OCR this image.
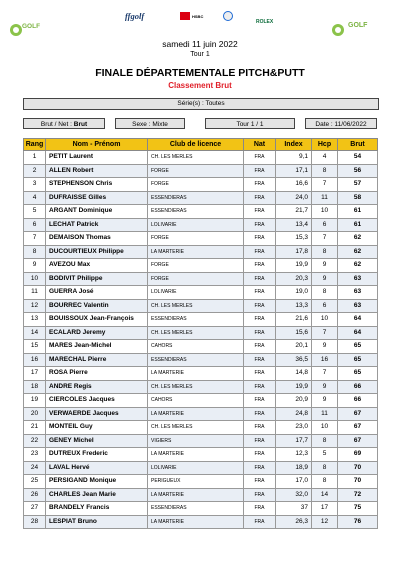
GOLF
ffgolf	HSBC
ROLEX	GOLF
samedi 11 juin 2022
Tour 1
FINALE DÉPARTEMENTALE PITCH&PUTT
Classement Brut
Série(s) : Toutes
Brut / Net : Brut	Sexe : Mixte	Tour 1 / 1	Date : 11/06/2022
Rang	Nom - Prénom	Club de licence	Nat	Index	Hcp	Brut
1	PETIT Laurent	CH. LES MERLES	FRA	9,1	4	54
2	ALLEN Robert	FORGE	FRA	17,1	8	56
3	STEPHENSON Chris	FORGE	FRA	16,6	7	57
4	DUFRAISSE Gilles	ESSENDIERAS	FRA	24,0	11	58
5	ARGANT Dominique	ESSENDIERAS	FRA	21,7	10	61
6	LECHAT Patrick	LOLIVARIE	FRA	13,4	6	61
7	DEMAISON Thomas	FORGE	FRA	15,3	7	62
8	DUCOURTIEUX Philippe	LA MARTERIE	FRA	17,8	8	62
9	AVEZOU Max	FORGE	FRA	19,9	9	62
10	BODIVIT Philippe	FORGE	FRA	20,3	9	63
11	GUERRA José	LOLIVARIE	FRA	19,0	8	63
12	BOURREC Valentin	CH. LES MERLES	FRA	13,3	6	63
13	BOUISSOUX Jean-François	ESSENDIERAS	FRA	21,6	10	64
14	ECALARD Jeremy	CH. LES MERLES	FRA	15,6	7	64
15	MARES Jean-Michel	CAHORS	FRA	20,1	9	65
16	MARECHAL Pierre	ESSENDIERAS	FRA	36,5	16	65
17	ROSA Pierre	LA MARTERIE	FRA	14,8	7	65
18	ANDRE Regis	CH. LES MERLES	FRA	19,9	9	66
19	CIERCOLES Jacques	CAHORS	FRA	20,9	9	66
20	VERWAERDE Jacques	LA MARTERIE	FRA	24,8	11	67
21	MONTEIL Guy	CH. LES MERLES	FRA	23,0	10	67
22	GENEY Michel	VIGIERS	FRA	17,7	8	67
23	DUTREUX Frederic	LA MARTERIE	FRA	12,3	5	69
24	LAVAL Hervé	LOLIVARIE	FRA	18,9	8	70
25	PERSIGAND Monique	PERIGUEUX	FRA	17,0	8	70
26	CHARLES Jean Marie	LA MARTERIE	FRA	32,0	14	72
27	BRANDELY Francis	ESSENDIERAS	FRA	37	17	75
28	LESPIAT Bruno	LA MARTERIE	FRA	26,3	12	76
